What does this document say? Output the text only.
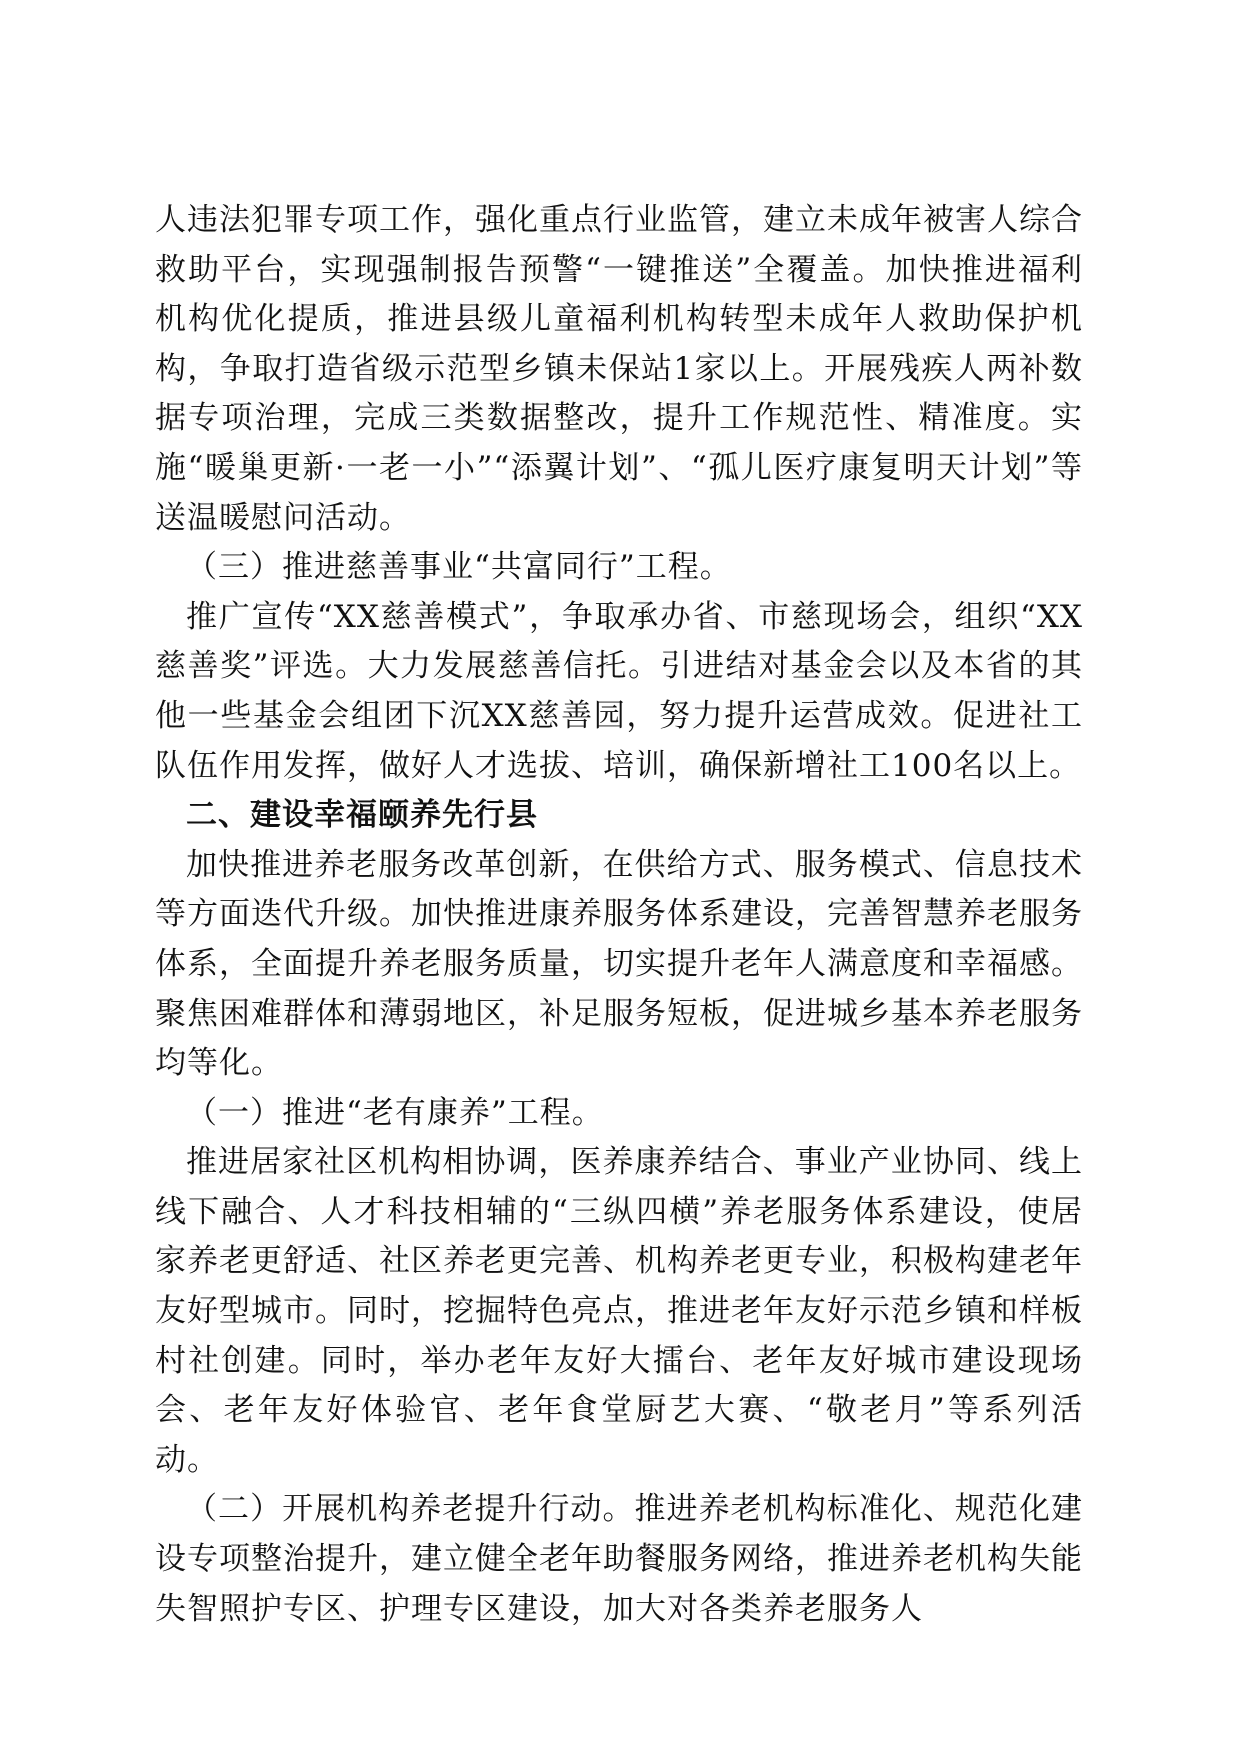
人违法犯罪专项工作，强化重点行业监管，建立未成年被害人综合救助平台，实现强制报告预警“一键推送”全覆盖。加快推进福利机构优化提质，推进县级儿童福利机构转型未成年人救助保护机构，争取打造省级示范型乡镇未保站1家以上。开展残疾人两补数据专项治理，完成三类数据整改，提升工作规范性、精准度。实施“暖巢更新·一老一小”“添翼计划”、“孤儿医疗康复明天计划”等送温暖慰问活动。

（三）推进慈善事业“共富同行”工程。

推广宣传“XX慈善模式”，争取承办省、市慈现场会，组织“XX慈善奖”评选。大力发展慈善信托。引进结对基金会以及本省的其他一些基金会组团下沉XX慈善园，努力提升运营成效。促进社工队伍作用发挥，做好人才选拔、培训，确保新增社工100名以上。

二、建设幸福颐养先行县

加快推进养老服务改革创新，在供给方式、服务模式、信息技术等方面迭代升级。加快推进康养服务体系建设，完善智慧养老服务体系，全面提升养老服务质量，切实提升老年人满意度和幸福感。聚焦困难群体和薄弱地区，补足服务短板，促进城乡基本养老服务均等化。

（一）推进“老有康养”工程。

推进居家社区机构相协调，医养康养结合、事业产业协同、线上线下融合、人才科技相辅的“三纵四横”养老服务体系建设，使居家养老更舒适、社区养老更完善、机构养老更专业，积极构建老年友好型城市。同时，挖掘特色亮点，推进老年友好示范乡镇和样板村社创建。同时，举办老年友好大擂台、老年友好城市建设现场会、老年友好体验官、老年食堂厨艺大赛、“敬老月”等系列活动。

（二）开展机构养老提升行动。推进养老机构标准化、规范化建设专项整治提升，建立健全老年助餐服务网络，推进养老机构失能失智照护专区、护理专区建设，加大对各类养老服务人
